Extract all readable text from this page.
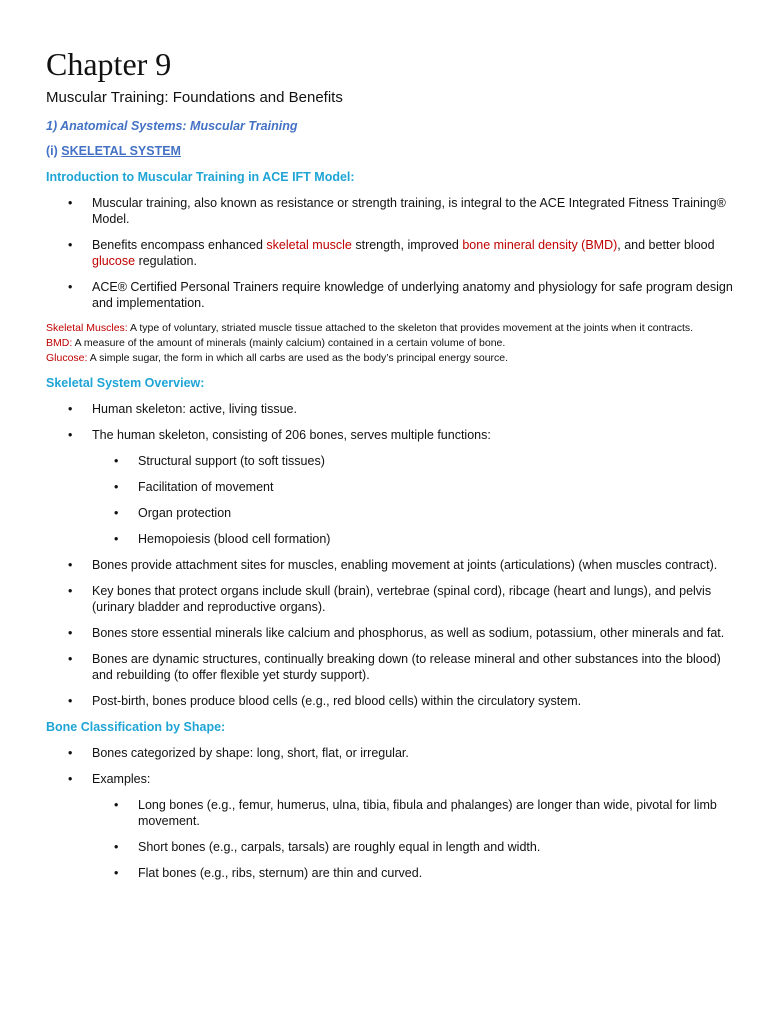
Chapter 9
Muscular Training: Foundations and Benefits
1) Anatomical Systems: Muscular Training
(i) SKELETAL SYSTEM
Introduction to Muscular Training in ACE IFT Model:
• Muscular training, also known as resistance or strength training, is integral to the ACE Integrated Fitness Training® Model.
• Benefits encompass enhanced skeletal muscle strength, improved bone mineral density (BMD), and better blood glucose regulation.
• ACE® Certified Personal Trainers require knowledge of underlying anatomy and physiology for safe program design and implementation.

Skeletal Muscles: A type of voluntary, striated muscle tissue attached to the skeleton that provides movement at the joints when it contracts.

BMD: A measure of the amount of minerals (mainly calcium) contained in a certain volume of bone.

Glucose: A simple sugar, the form in which all carbs are used as the body’s principal energy source.

Skeletal System Overview:
• Human skeleton: active, living tissue.
• The human skeleton, consisting of 206 bones, serves multiple functions:
• Structural support (to soft tissues)
• Facilitation of movement
• Organ protection
• Hemopoiesis (blood cell formation)
• Bones provide attachment sites for muscles, enabling movement at joints (articulations) (when muscles contract).
• Key bones that protect organs include skull (brain), vertebrae (spinal cord), ribcage (heart and lungs), and pelvis (urinary bladder and reproductive organs).
• Bones store essential minerals like calcium and phosphorus, as well as sodium, potassium, other minerals and fat.
• Bones are dynamic structures, continually breaking down (to release mineral and other substances into the blood) and rebuilding (to offer flexible yet sturdy support).
• Post-birth, bones produce blood cells (e.g., red blood cells) within the circulatory system.
Bone Classification by Shape:
• Bones categorized by shape: long, short, flat, or irregular.
• Examples:
• Long bones (e.g., femur, humerus, ulna, tibia, fibula and phalanges) are longer than wide, pivotal for limb movement.
• Short bones (e.g., carpals, tarsals) are roughly equal in length and width.
• Flat bones (e.g., ribs, sternum) are thin and curved.
